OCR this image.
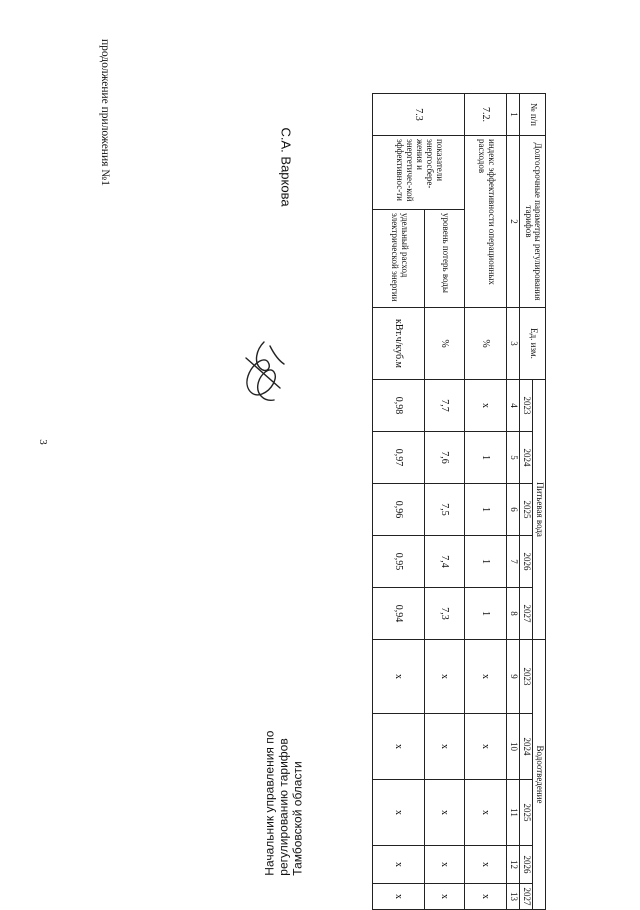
3
продолжение приложения №1	№ п/п	Долгосрочные параметры регулирования тарифов		Ед. изм.	Питьевая вода					Водоотведение				
				2023	2024	2025	2026	2027	2023	2024	2025	2026	2027
1	2		3	4	5	6	7	8	9	10	11	12	13
7.2.	индекс эффективности операционных расходов		%	x	1	1	1	1	x	x	x	x	x
7.3	показатели энергосбере-жения и энергетичес-кой эффективнос-ти	уровень потерь воды	%	7,7	7,6	7,5	7,4	7,3	x	x	x	x	x
		удельный расход электрической энергии	кВт.ч/куб.м	0,98	0,97	0,96	0,95	0,94	x	x	x	x	x
Начальник управления по регулированию тарифов Тамбовской области
С.А. Варкова
